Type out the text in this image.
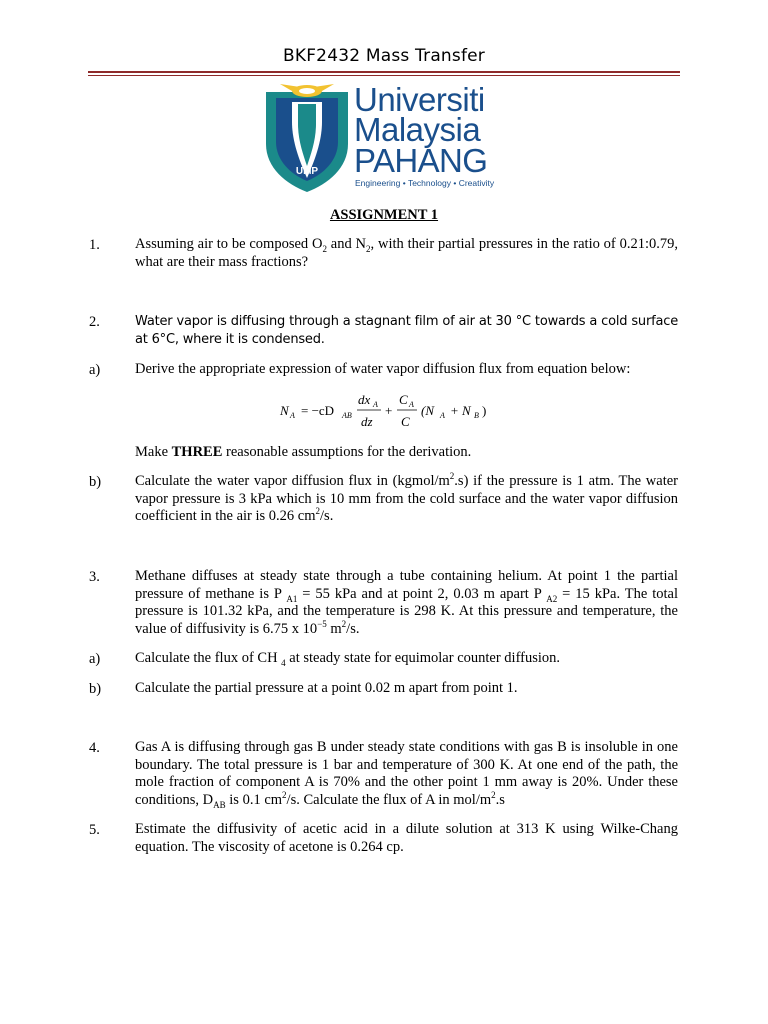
BKF2432 Mass Transfer
UMP
Universiti
Malaysia
PAHANG
Engineering • Technology • Creativity
ASSIGNMENT 1
1. Assuming air to be composed $O_2$ and $N_2$, with their partial pressures in the ratio of 0.21:0.79, what are their mass fractions?
2.	Water vapor is diffusing through a stagnant film of air at 30 °C towards a cold surface at 6°C, where it is condensed.
a) Derive the appropriate expression of water vapor diffusion flux from equation below:
N A = −cD AB
dx A
dz
+
C A
C
(N A + N B )
Make THREE reasonable assumptions for the derivation.
b) Calculate the water vapor diffusion flux in $(kgmol/m^2.s)$ if the pressure is 1 atm. The water vapor pressure is 3 kPa which is 10 mm from the cold surface and the water vapor diffusion coefficient in the air is 0.26 $cm^2/s$.
3. Methane diffuses at steady state through a tube containing helium. At point 1 the partial pressure of methane is P $_{A1}$ = 55 kPa and at point 2, 0.03 m apart P $_{A2}$ = 15 kPa. The total pressure is 101.32 kPa, and the temperature is 298 K. At this pressure and temperature, the value of diffusivity is 6.75 x $10^{-5}$ $m^2/s$.
a) Calculate the flux of CH $_4$ at steady state for equimolar counter diffusion.
b) Calculate the partial pressure at a point 0.02 m apart from point 1.
4. Gas A is diffusing through gas B under steady state conditions with gas B is insoluble in one boundary. The total pressure is 1 bar and temperature of 300 K. At one end of the path, the mole fraction of component A is 70% and the other point 1 mm away is 20%. Under these conditions, $D_{AB}$ is 0.1 $cm^2/s$. Calculate the flux of A in mol/$m^2.s$
5. Estimate the diffusivity of acetic acid in a dilute solution at 313 K using Wilke-Chang equation. The viscosity of acetone is 0.264 cp.
